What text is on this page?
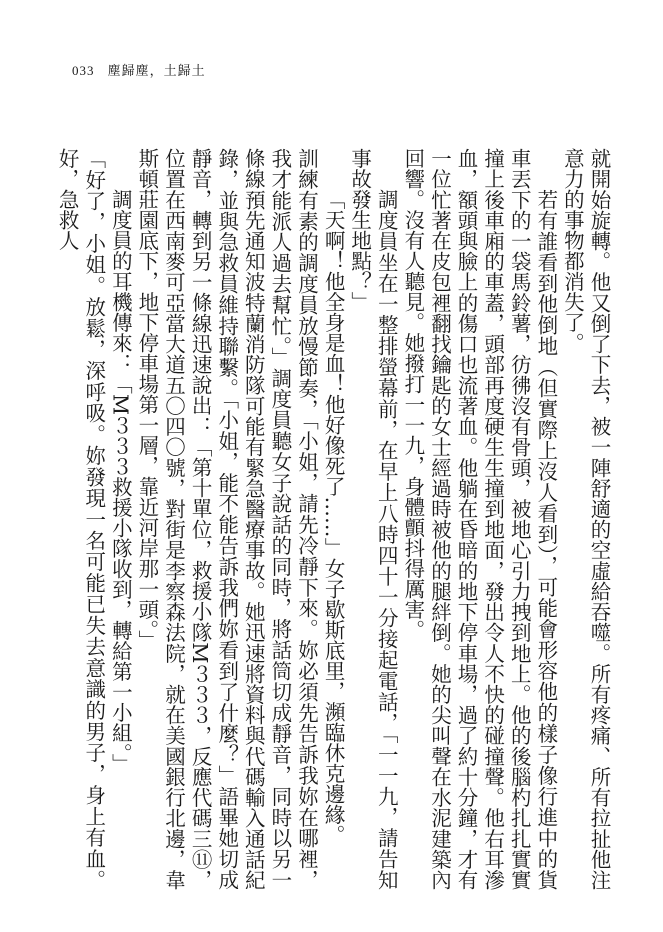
033 塵歸塵，土歸土

就開始旋轉。他又倒了下去，被一陣舒適的空虛給吞噬。所有疼痛、所有拉扯他注意力的事物都消失了。

若有誰看到他倒地（但實際上沒人看到），可能會形容他的樣子像行進中的貨車丟下的一袋馬鈴薯，彷彿沒有骨頭，被地心引力拽到地上。他的後腦杓扎扎實實撞上後車廂的車蓋，頭部再度硬生生撞到地面，發出令人不快的碰撞聲。他右耳滲血，額頭與臉上的傷口也流著血。他躺在昏暗的地下停車場，過了約十分鐘，才有一位忙著在皮包裡翻找鑰匙的女士經過時被他的腿絆倒。她的尖叫聲在水泥建築內回響。沒有人聽見。她撥打一一九，身體顫抖得厲害。

調度員坐在一整排螢幕前，在早上八時四十一分接起電話，「一一九，請告知事故發生地點？」

「天啊！他全身是血！他好像死了……」女子歇斯底里，瀕臨休克邊緣。

訓練有素的調度員放慢節奏，「小姐，請先冷靜下來。妳必須先告訴我妳在哪裡，我才能派人過去幫忙。」調度員聽女子說話的同時，將話筒切成靜音，同時以另一條線預先通知波特蘭消防隊可能有緊急醫療事故。她迅速將資料與代碼輸入通話紀錄，並與急救員維持聯繫。「小姐，能不能告訴我們妳看到了什麼？」語畢她切成靜音，轉到另一條線迅速說出：「第十單位，救援小隊M３３３，反應代碼三⑪，位置在西南麥可亞當大道五〇四〇號，對街是李察森法院，就在美國銀行北邊，韋斯頓莊園底下，地下停車場第一層，靠近河岸那一頭。」

調度員的耳機傳來：「M３３３救援小隊收到，轉給第一小組。」

「好了，小姐。放鬆，深呼吸。妳發現一名可能已失去意識的男子，身上有血。好，急救人
